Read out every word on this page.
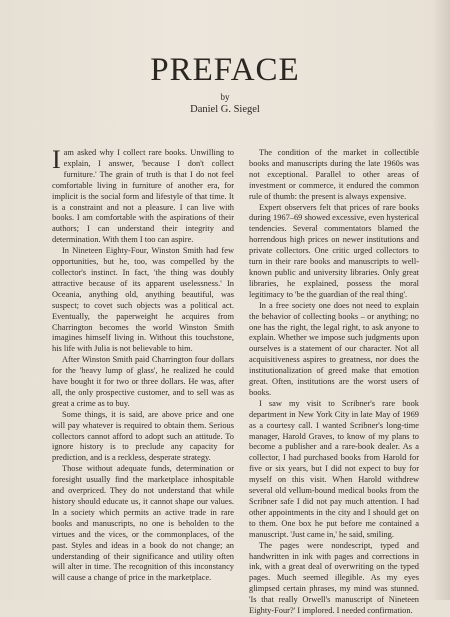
PREFACE

by

Daniel G. Siegel

Iam asked why I collect rare books. Unwilling to explain, I answer, 'because I don't collect furniture.' The grain of truth is that I do not feel comfortable living in furniture of another era, for implicit is the social form and lifestyle of that time. It is a constraint and not a pleasure. I can live with books. I am comfortable with the aspirations of their authors; I can understand their integrity and determination. With them I too can aspire.

In Nineteen Eighty-Four, Winston Smith had few opportunities, but he, too, was compelled by the collector's instinct. In fact, 'the thing was doubly attractive because of its apparent uselessness.' In Oceania, anything old, anything beautiful, was suspect; to covet such objects was a political act. Eventually, the paperweight he acquires from Charrington becomes the world Winston Smith imagines himself living in. Without this touchstone, his life with Julia is not believable to him.

After Winston Smith paid Charrington four dollars for the 'heavy lump of glass', he realized he could have bought it for two or three dollars. He was, after all, the only prospective customer, and to sell was as great a crime as to buy.

Some things, it is said, are above price and one will pay whatever is required to obtain them. Serious collectors cannot afford to adopt such an attitude. To ignore history is to preclude any capacity for prediction, and is a reckless, desperate strategy.

Those without adequate funds, determination or foresight usually find the marketplace inhospitable and overpriced. They do not understand that while history should educate us, it cannot shape our values. In a society which permits an active trade in rare books and manuscripts, no one is beholden to the virtues and the vices, or the commonplaces, of the past. Styles and ideas in a book do not change; an understanding of their significance and utility often will alter in time. The recognition of this inconstancy will cause a change of price in the marketplace.

The condition of the market in collectible books and manuscripts during the late 1960s was not exceptional. Parallel to other areas of investment or commerce, it endured the common rule of thumb: the present is always expensive.

Expert observers felt that prices of rare books during 1967–69 showed excessive, even hysterical tendencies. Several commentators blamed the horrendous high prices on newer institutions and private collectors. One critic urged collectors to turn in their rare books and manuscripts to well-known public and university libraries. Only great libraries, he explained, possess the moral legitimacy to 'be the guardian of the real thing'.

In a free society one does not need to explain the behavior of collecting books – or anything; no one has the right, the legal right, to ask anyone to explain. Whether we impose such judgments upon ourselves is a statement of our character. Not all acquisitiveness aspires to greatness, nor does the institutionalization of greed make that emotion great. Often, institutions are the worst users of books.

I saw my visit to Scribner's rare book department in New York City in late May of 1969 as a courtesy call. I wanted Scribner's long-time manager, Harold Graves, to know of my plans to become a publisher and a rare-book dealer. As a collector, I had purchased books from Harold for five or six years, but I did not expect to buy for myself on this visit. When Harold withdrew several old vellum-bound medical books from the Scribner safe I did not pay much attention. I had other appointments in the city and I should get on to them. One box he put before me contained a manuscript. 'Just came in,' he said, smiling.

The pages were nondescript, typed and handwritten in ink with pages and corrections in ink, with a great deal of overwriting on the typed pages. Much seemed illegible. As my eyes glimpsed certain phrases, my mind was stunned. 'Is that really Orwell's manuscript of Nineteen Eighty-Four?' I implored. I needed confirmation.
